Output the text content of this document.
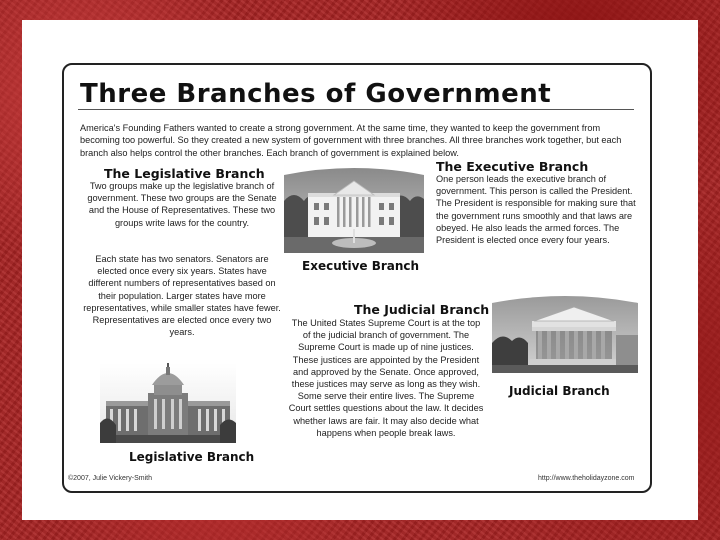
Three Branches of Government

America's Founding Fathers wanted to create a strong government. At the same time, they wanted to keep the government from becoming too powerful. So they created a new system of government with three branches. All three branches work together, but each branch also helps control the other branches. Each branch of government is explained below.

The Legislative Branch

Two groups make up the legislative branch of government. These two groups are the Senate and the House of Representatives. These two groups write laws for the country.

Each state has two senators. Senators are elected once every six years. States have different numbers of representatives based on their population. Larger states have more representatives, while smaller states have fewer. Representatives are elected once every two years.

Legislative Branch
Executive Branch
The Executive Branch

One person leads the executive branch of government. This person is called the President. The President is responsible for making sure that the government runs smoothly and that laws are obeyed. He also leads the armed forces. The President is elected once every four years.

The Judicial Branch

The United States Supreme Court is at the top of the judicial branch of government. The Supreme Court is made up of nine justices. These justices are appointed by the President and approved by the Senate. Once approved, these justices may serve as long as they wish. Some serve their entire lives. The Supreme Court settles questions about the law. It decides whether laws are fair. It may also decide what happens when people break laws.

Judicial Branch
©2007, Julie Vickery-Smith	http://www.theholidayzone.com
